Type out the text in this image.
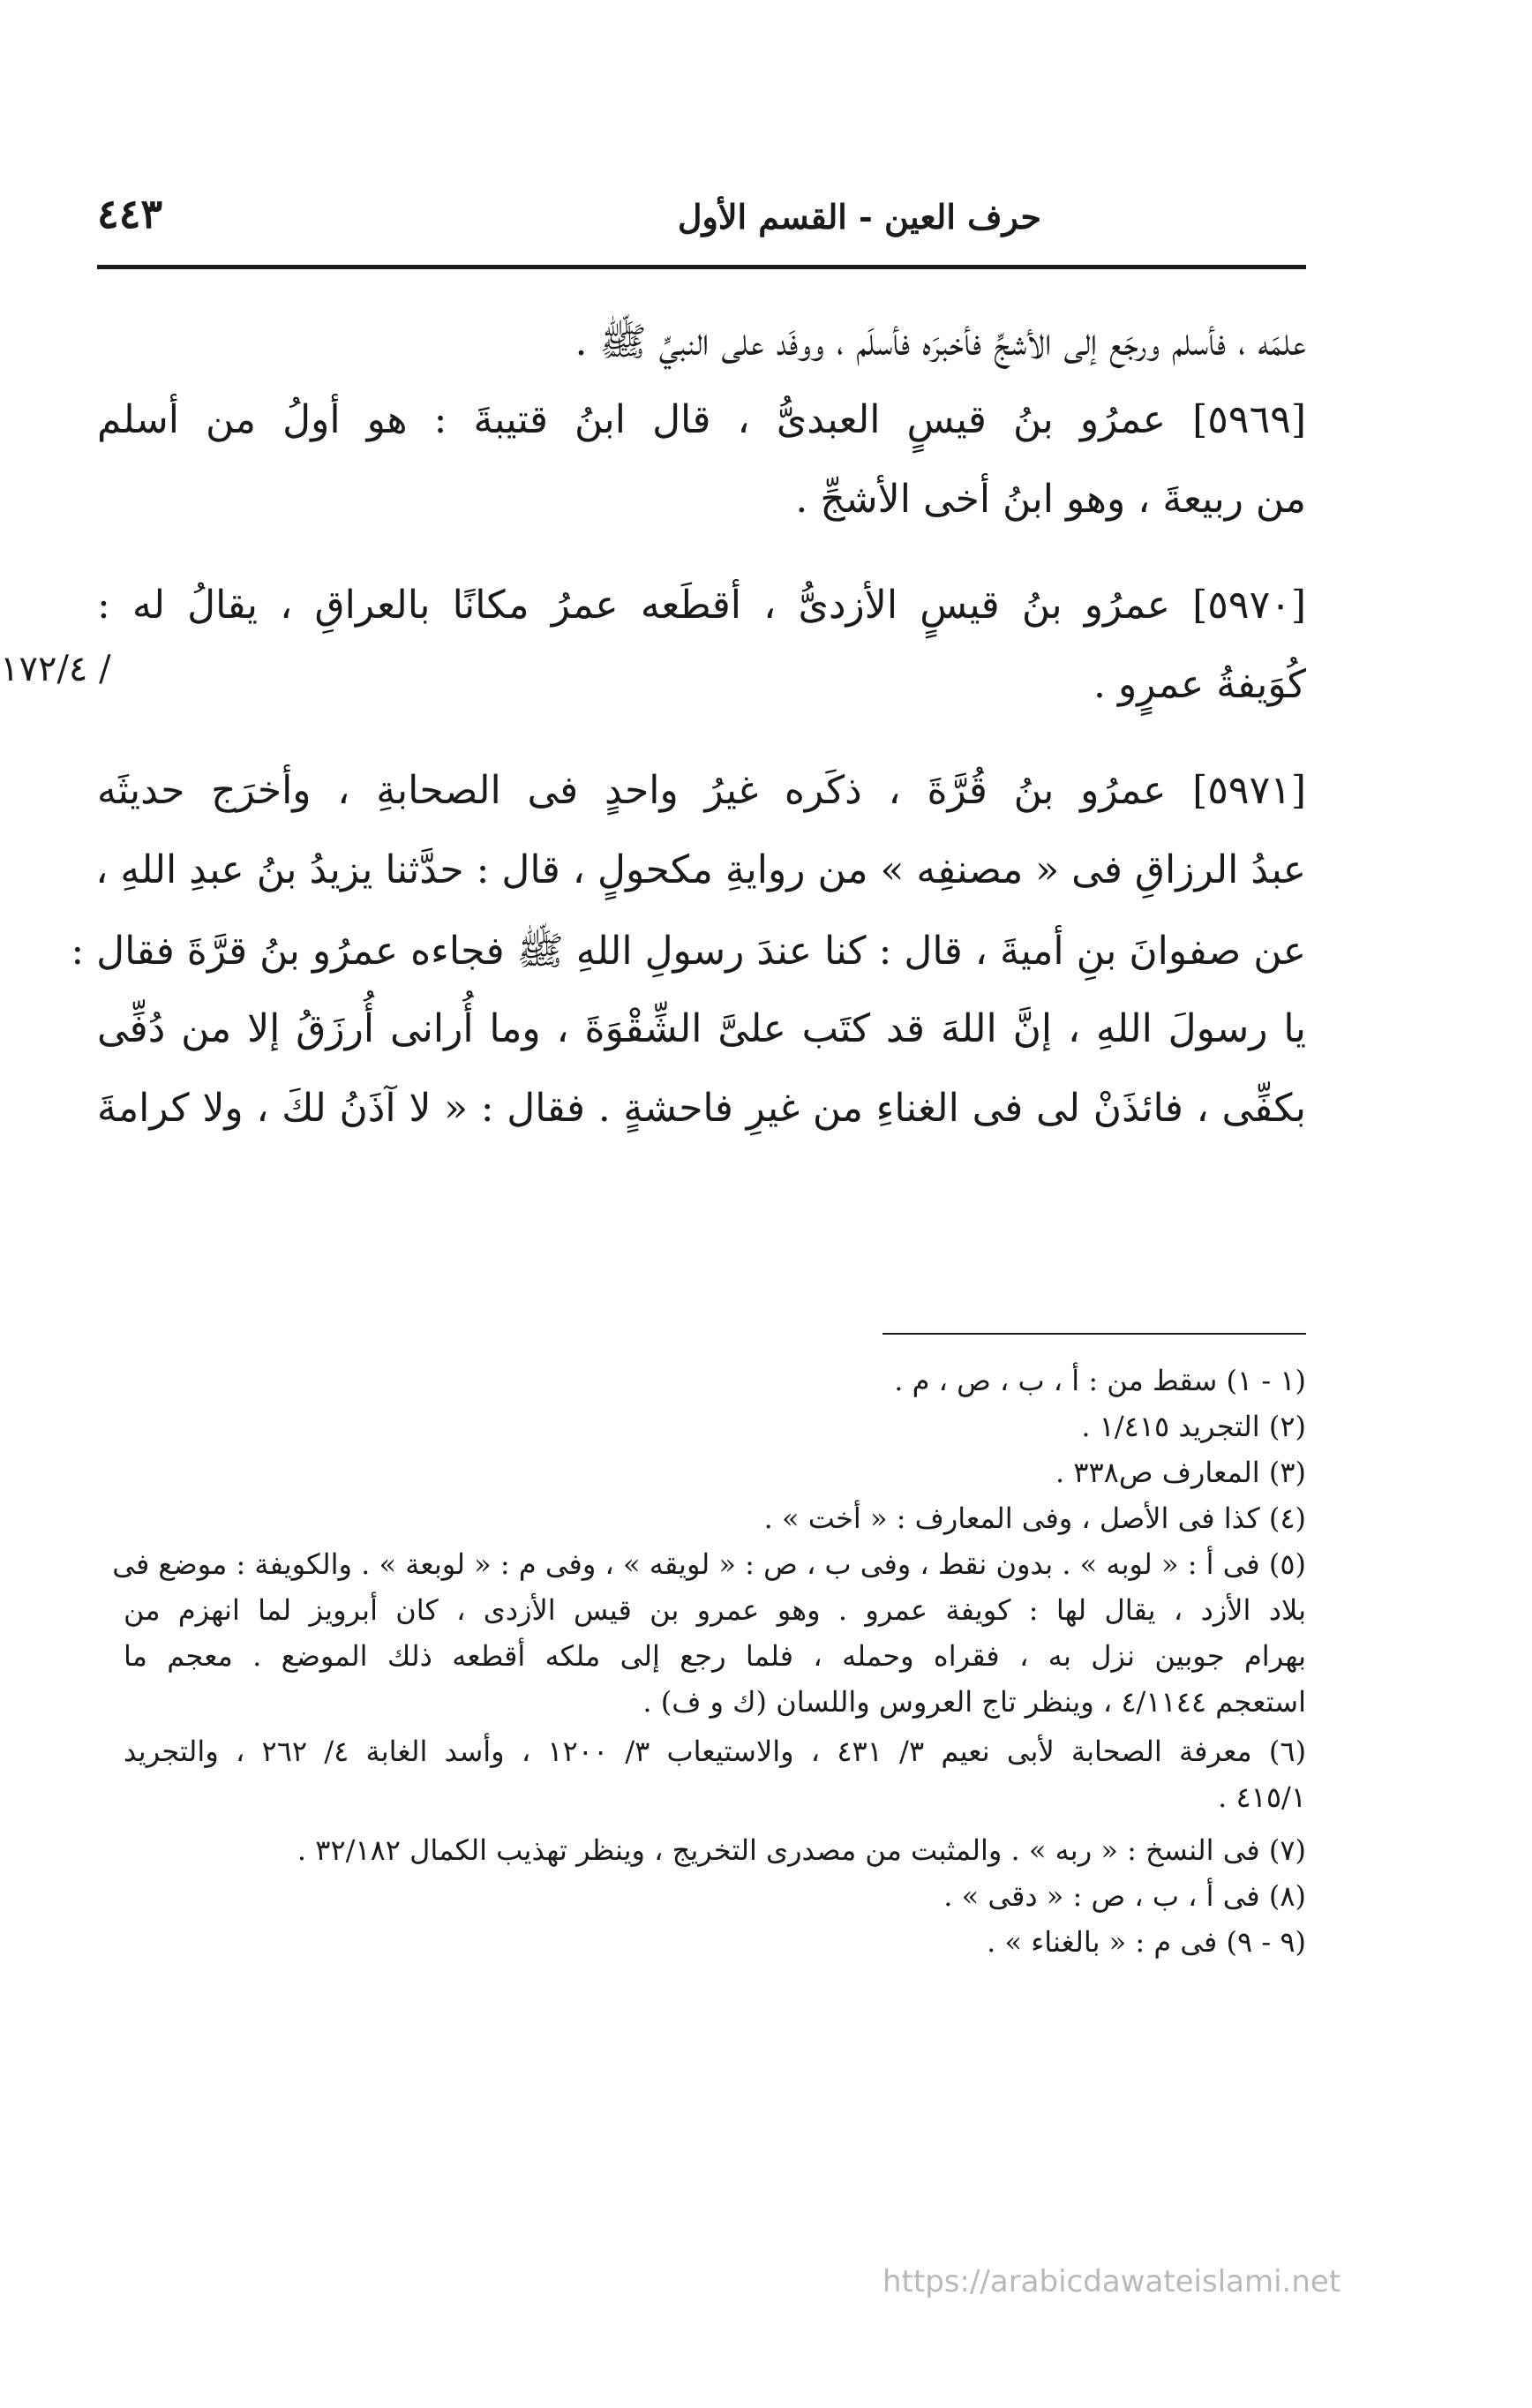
حرف العين - القسم الأول
٤٤٣
علمَه ، فأسلم ورجَع إلى الأشجِّ فأخبرَه فأسلَم ، ووفَد على النبيِّ ﷺ .
[٥٩٦٩] عمرُو بنُ قيسٍ العبدىُّ ، قال ابنُ قتيبةَ : هو أولُ من أسلم
من ربيعةَ ، وهو ابنُ أخى الأشجِّ .
[٥٩٧٠] عمرُو بنُ قيسٍ الأزدىُّ ، أقطَعه عمرُ مكانًا بالعراقِ ، يقالُ له :
كُوَيفةُ عمرٍو .
[٥٩٧١] عمرُو بنُ قُرَّةَ ، ذكَره غيرُ واحدٍ فى الصحابةِ ، وأخرَج حديثَه
عبدُ الرزاقِ فى « مصنفِه » من روايةِ مكحولٍ ، قال : حدَّثنا يزيدُ بنُ عبدِ اللهِ ،
عن صفوانَ بنِ أميةَ ، قال : كنا عندَ رسولِ اللهِ ﷺ فجاءه عمرُو بنُ قرَّةَ فقال :
يا رسولَ اللهِ ، إنَّ اللهَ قد كتَب علىَّ الشِّقْوَةَ ، وما أُرانى أُرزَقُ إلا من دُفِّى
بكفِّى ، فائذَنْ لى فى الغناءِ من غيرِ فاحشةٍ . فقال : « لا آذَنُ لكَ ، ولا كرامةَ
/ ١٧٢/٤
(١ - ١) سقط من : أ ، ب ، ص ، م .
(٢) التجريد ١/٤١٥ .
(٣) المعارف ص٣٣٨ .
(٤) كذا فى الأصل ، وفى المعارف : « أخت » .
(٥) فى أ : « لوبه » . بدون نقط ، وفى ب ، ص : « لويقه » ، وفى م : « لوبعة » . والكويفة : موضع فى
بلاد الأزد ، يقال لها : كويفة عمرو . وهو عمرو بن قيس الأزدى ، كان أبرويز لما انهزم من
بهرام جوبين نزل به ، فقراه وحمله ، فلما رجع إلى ملكه أقطعه ذلك الموضع . معجم ما
استعجم ٤/١١٤٤ ، وينظر تاج العروس واللسان (ك و ف) .
(٦) معرفة الصحابة لأبى نعيم ٣/ ٤٣١ ، والاستيعاب ٣/ ١٢٠٠ ، وأسد الغابة ٤/ ٢٦٢ ، والتجريد
٤١٥/١ .
(٧) فى النسخ : « ربه » . والمثبت من مصدرى التخريج ، وينظر تهذيب الكمال ٣٢/١٨٢ .
(٨) فى أ ، ب ، ص : « دقى » .
(٩ - ٩) فى م : « بالغناء » .
https://arabicdawateislami.net
